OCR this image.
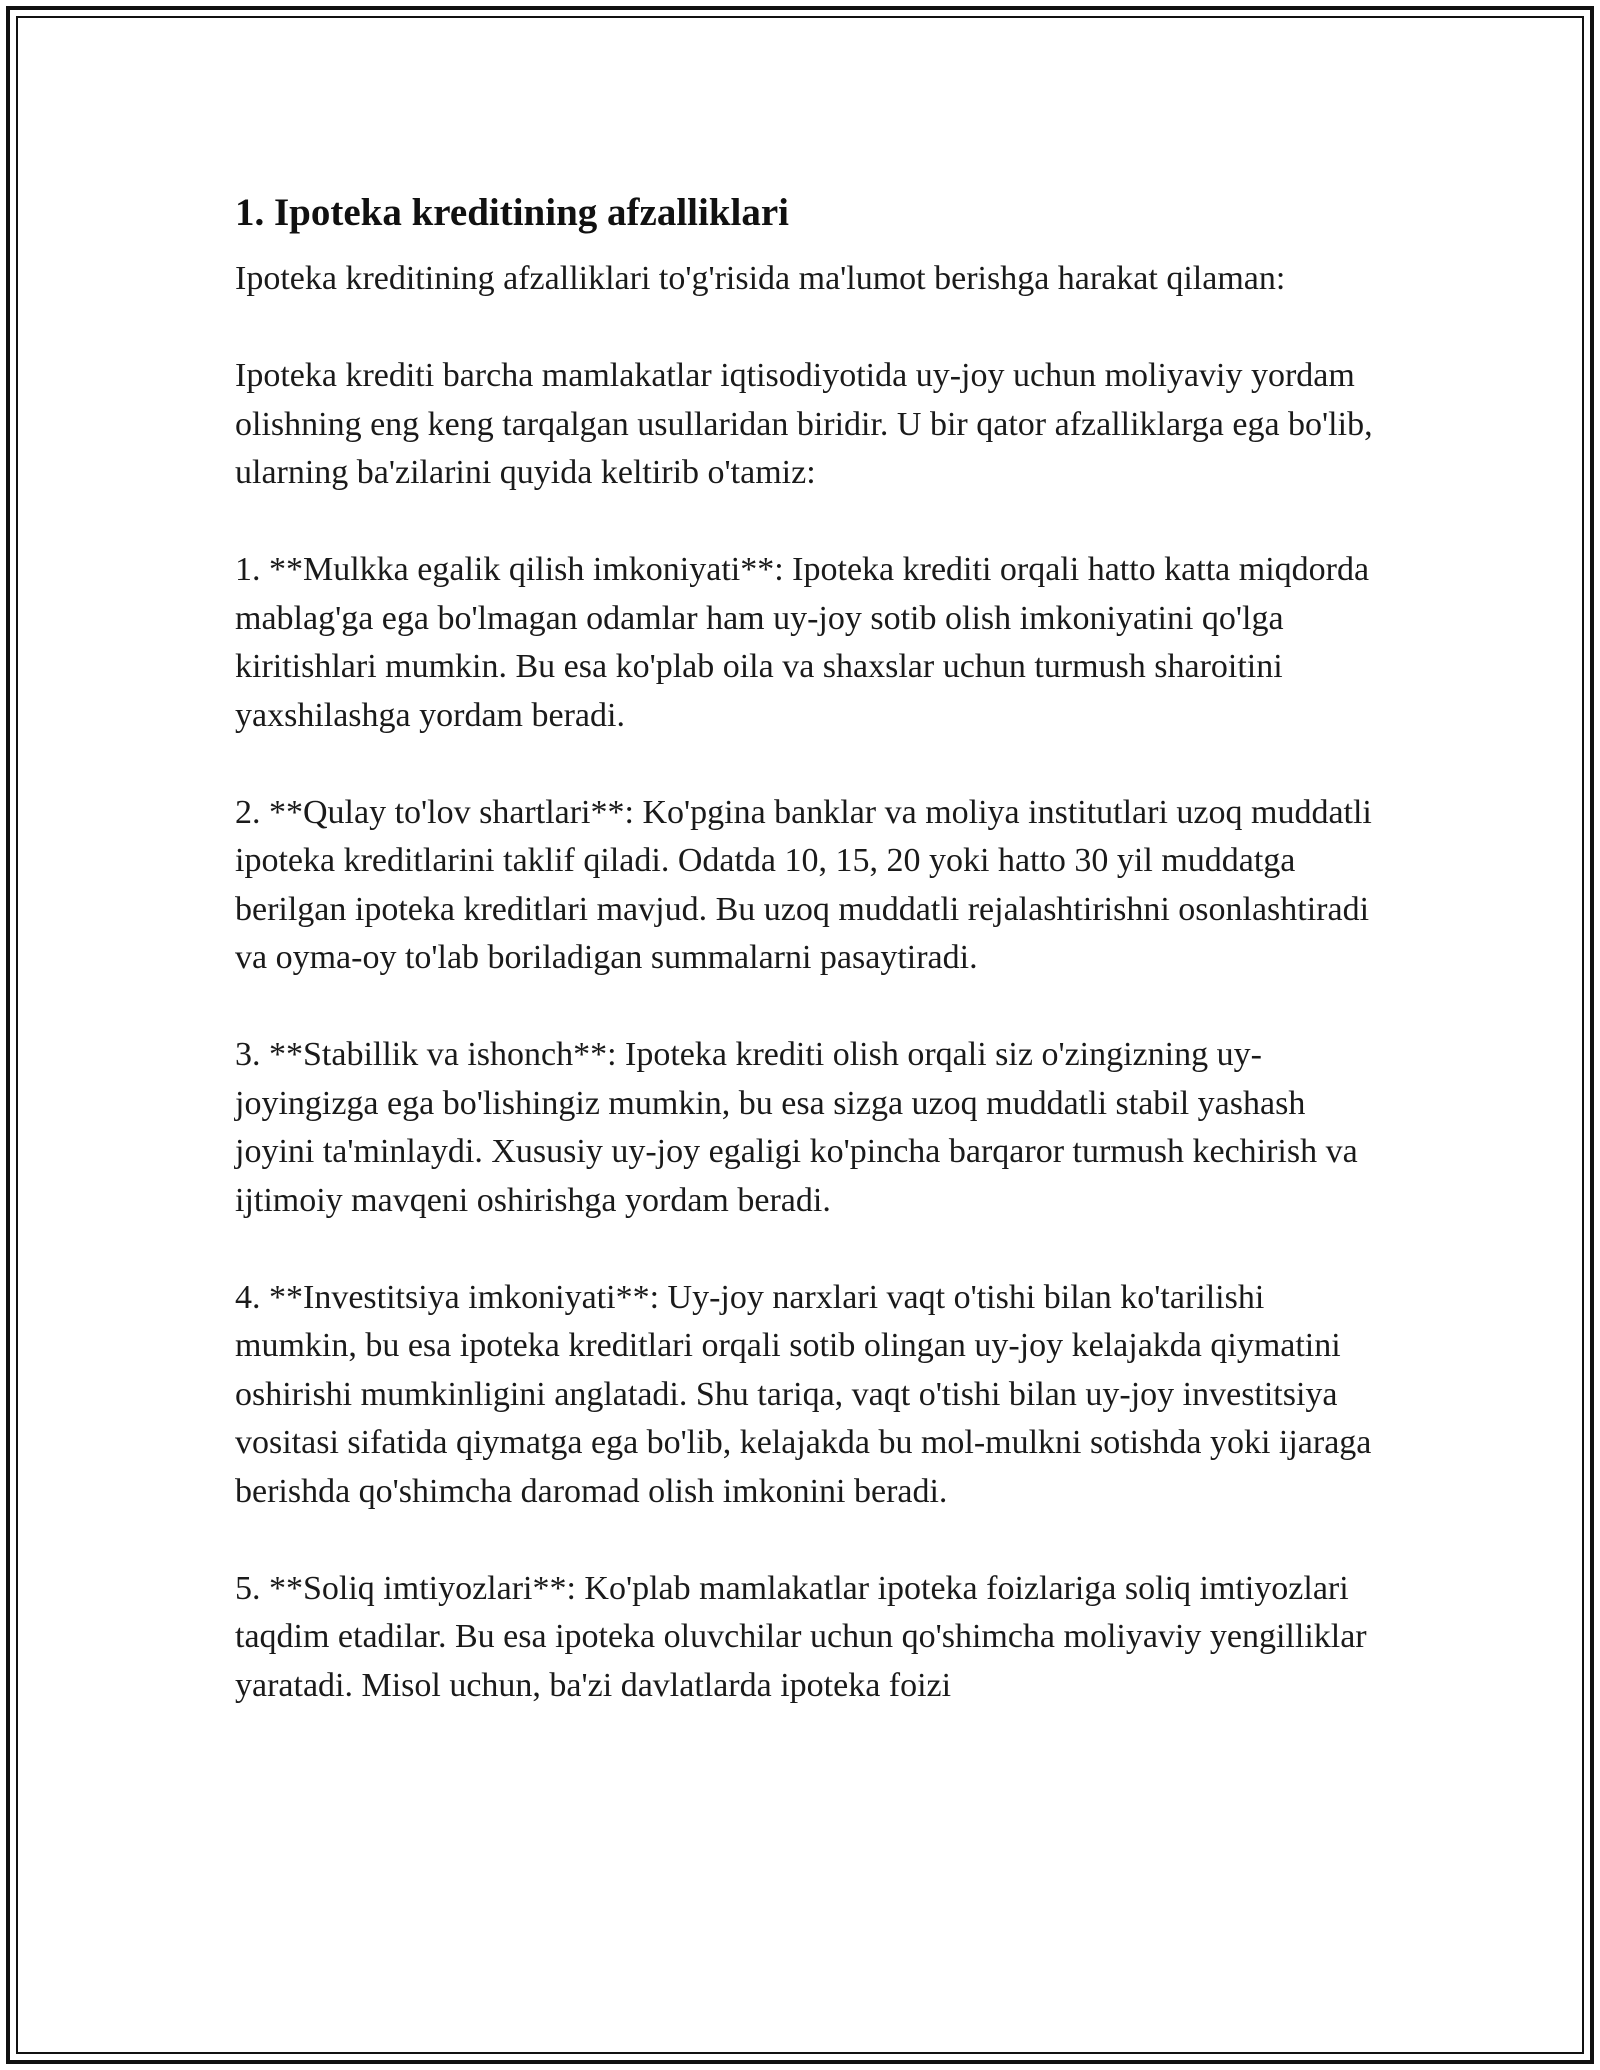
1. Ipoteka kreditining afzalliklari

Ipoteka kreditining afzalliklari to'g'risida ma'lumot berishga harakat qilaman:

Ipoteka krediti barcha mamlakatlar iqtisodiyotida uy-joy uchun moliyaviy yordam olishning eng keng tarqalgan usullaridan biridir. U bir qator afzalliklarga ega bo'lib, ularning ba'zilarini quyida keltirib o'tamiz:

1. **Mulkka egalik qilish imkoniyati**: Ipoteka krediti orqali hatto katta miqdorda mablag'ga ega bo'lmagan odamlar ham uy-joy sotib olish imkoniyatini qo'lga kiritishlari mumkin. Bu esa ko'plab oila va shaxslar uchun turmush sharoitini yaxshilashga yordam beradi.

2. **Qulay to'lov shartlari**: Ko'pgina banklar va moliya institutlari uzoq muddatli ipoteka kreditlarini taklif qiladi. Odatda 10, 15, 20 yoki hatto 30 yil muddatga berilgan ipoteka kreditlari mavjud. Bu uzoq muddatli rejalashtirishni osonlashtiradi va oyma-oy to'lab boriladigan summalarni pasaytiradi.

3. **Stabillik va ishonch**: Ipoteka krediti olish orqali siz o'zingizning uy-joyingizga ega bo'lishingiz mumkin, bu esa sizga uzoq muddatli stabil yashash joyini ta'minlaydi. Xususiy uy-joy egaligi ko'pincha barqaror turmush kechirish va ijtimoiy mavqeni oshirishga yordam beradi.

4. **Investitsiya imkoniyati**: Uy-joy narxlari vaqt o'tishi bilan ko'tarilishi mumkin, bu esa ipoteka kreditlari orqali sotib olingan uy-joy kelajakda qiymatini oshirishi mumkinligini anglatadi. Shu tariqa, vaqt o'tishi bilan uy-joy investitsiya vositasi sifatida qiymatga ega bo'lib, kelajakda bu mol-mulkni sotishda yoki ijaraga berishda qo'shimcha daromad olish imkonini beradi.

5. **Soliq imtiyozlari**: Ko'plab mamlakatlar ipoteka foizlariga soliq imtiyozlari taqdim etadilar. Bu esa ipoteka oluvchilar uchun qo'shimcha moliyaviy yengilliklar yaratadi. Misol uchun, ba'zi davlatlarda ipoteka foizi
